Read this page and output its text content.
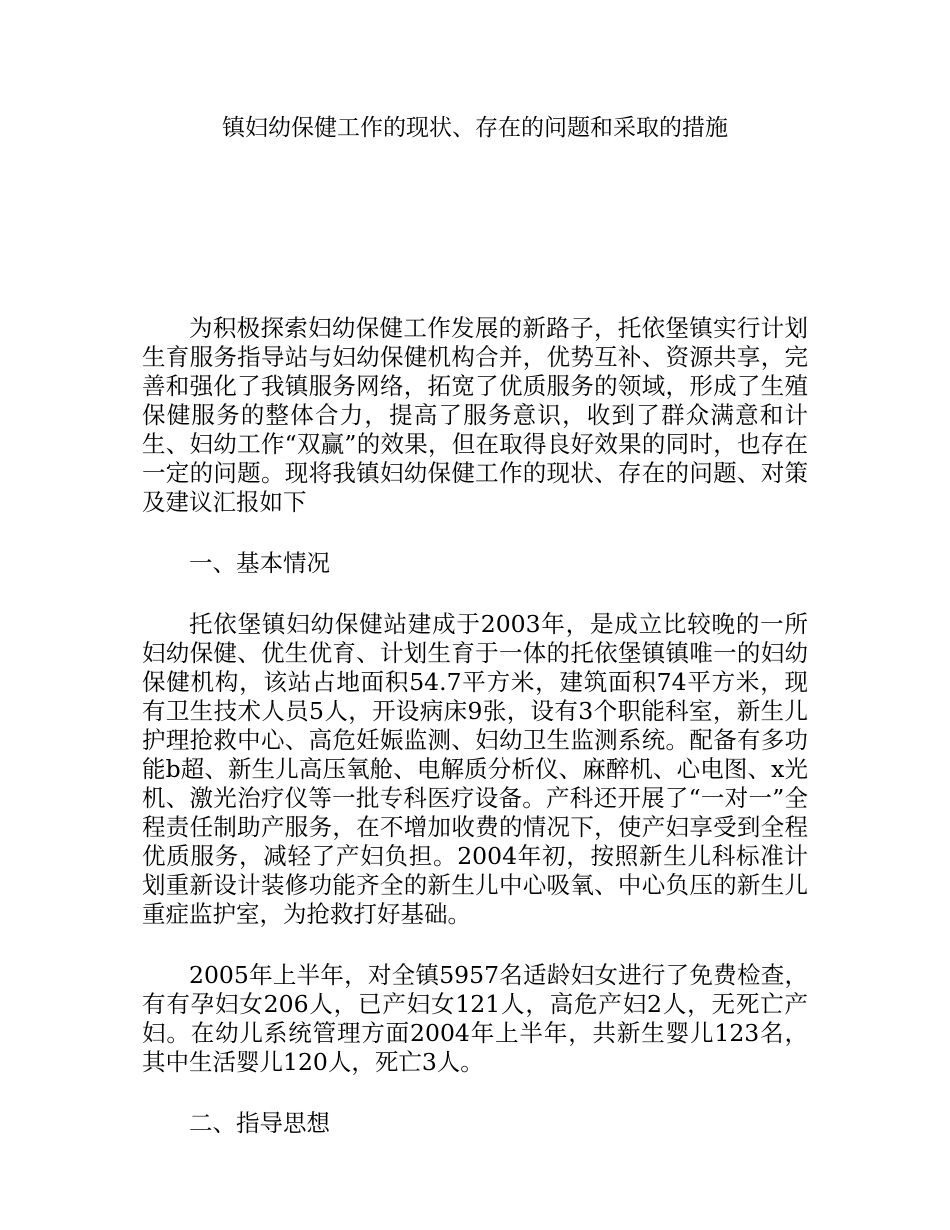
镇妇幼保健工作的现状、存在的问题和采取的措施

为积极探索妇幼保健工作发展的新路子，托依堡镇实行计划生育服务指导站与妇幼保健机构合并，优势互补、资源共享，完善和强化了我镇服务网络，拓宽了优质服务的领域，形成了生殖保健服务的整体合力，提高了服务意识，收到了群众满意和计生、妇幼工作“双赢”的效果，但在取得良好效果的同时，也存在一定的问题。现将我镇妇幼保健工作的现状、存在的问题、对策及建议汇报如下

一、基本情况

托依堡镇妇幼保健站建成于2003年，是成立比较晚的一所妇幼保健、优生优育、计划生育于一体的托依堡镇镇唯一的妇幼保健机构，该站占地面积54.7平方米，建筑面积74平方米，现有卫生技术人员5人，开设病床9张，设有3个职能科室，新生儿护理抢救中心、高危妊娠监测、妇幼卫生监测系统。配备有多功能b超、新生儿高压氧舱、电解质分析仪、麻醉机、心电图、x光机、激光治疗仪等一批专科医疗设备。产科还开展了“一对一”全程责任制助产服务，在不增加收费的情况下，使产妇享受到全程优质服务，减轻了产妇负担。2004年初，按照新生儿科标准计划重新设计装修功能齐全的新生儿中心吸氧、中心负压的新生儿重症监护室，为抢救打好基础。

2005年上半年，对全镇5957名适龄妇女进行了免费检查，有有孕妇女206人，已产妇女121人，高危产妇2人，无死亡产妇。在幼儿系统管理方面2004年上半年，共新生婴儿123名，其中生活婴儿120人，死亡3人。

二、指导思想
